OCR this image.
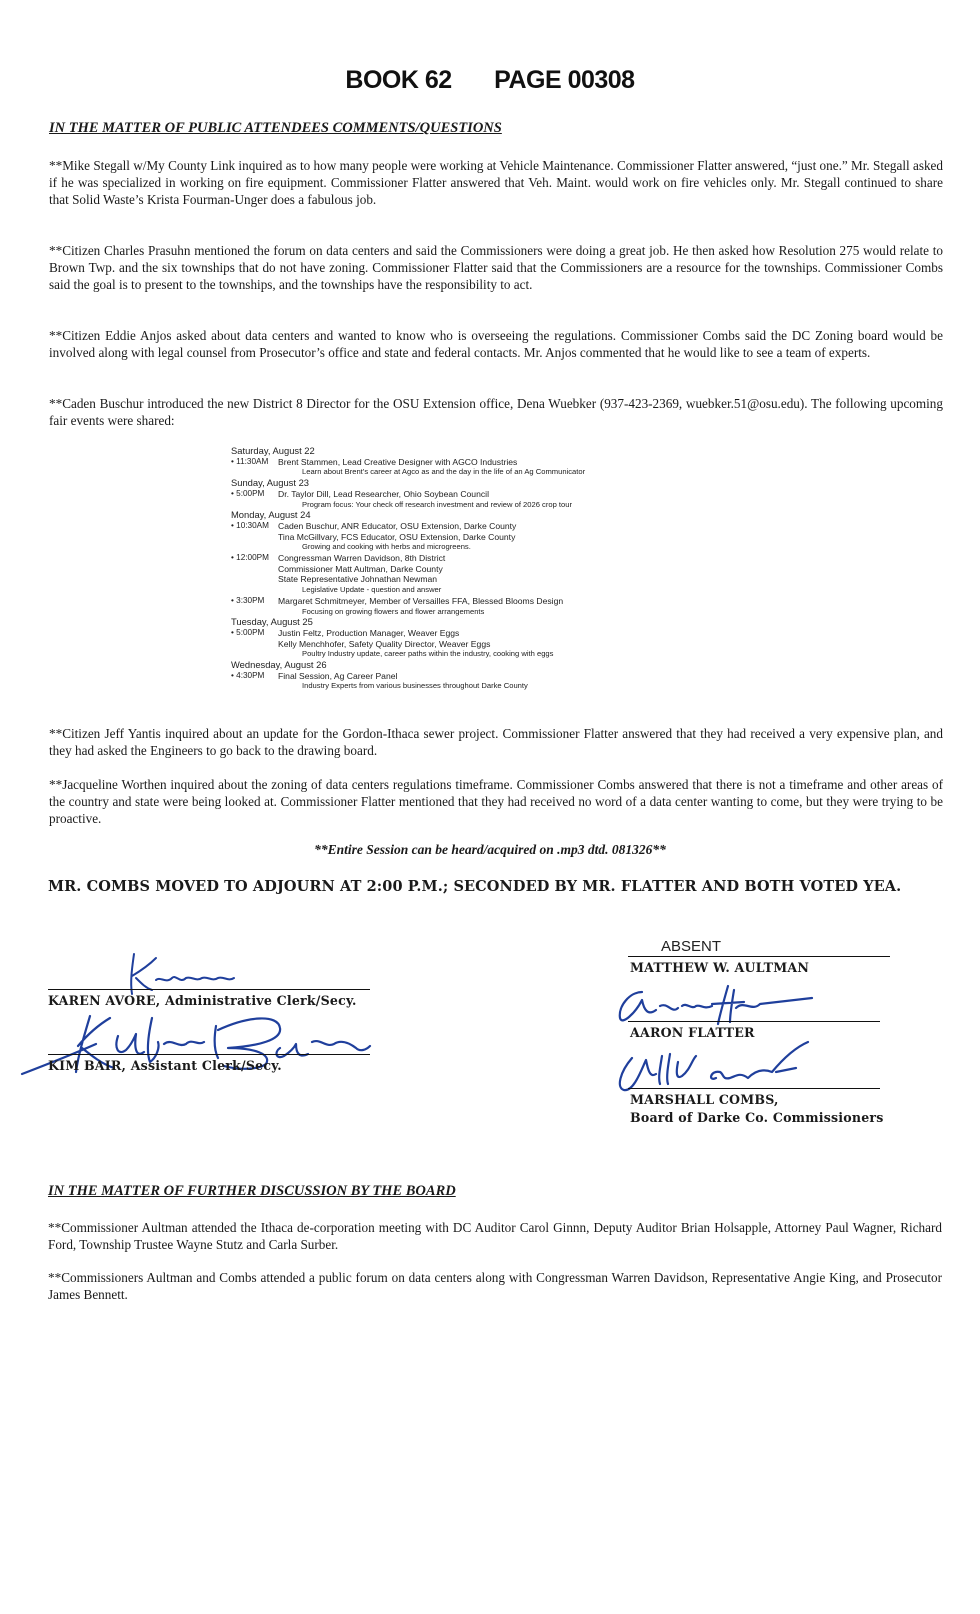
BOOK 62 PAGE 00308
IN THE MATTER OF PUBLIC ATTENDEES COMMENTS/QUESTIONS
**Mike Stegall w/My County Link inquired as to how many people were working at Vehicle Maintenance. Commissioner Flatter answered, “just one.” Mr. Stegall asked if he was specialized in working on fire equipment. Commissioner Flatter answered that Veh. Maint. would work on fire vehicles only. Mr. Stegall continued to share that Solid Waste’s Krista Fourman-Unger does a fabulous job.
**Citizen Charles Prasuhn mentioned the forum on data centers and said the Commissioners were doing a great job. He then asked how Resolution 275 would relate to Brown Twp. and the six townships that do not have zoning. Commissioner Flatter said that the Commissioners are a resource for the townships. Commissioner Combs said the goal is to present to the townships, and the townships have the responsibility to act.
**Citizen Eddie Anjos asked about data centers and wanted to know who is overseeing the regulations. Commissioner Combs said the DC Zoning board would be involved along with legal counsel from Prosecutor’s office and state and federal contacts. Mr. Anjos commented that he would like to see a team of experts.
**Caden Buschur introduced the new District 8 Director for the OSU Extension office, Dena Wuebker (937-423-2369, wuebker.51@osu.edu). The following upcoming fair events were shared:
Saturday, August 22
• 11:30AM	Brent Stammen, Lead Creative Designer with AGCO Industries
Learn about Brent’s career at Agco as and the day in the life of an Ag Communicator
Sunday, August 23
• 5:00PM	Dr. Taylor Dill, Lead Researcher, Ohio Soybean Council
Program focus: Your check off research investment and review of 2026 crop tour
Monday, August 24
• 10:30AM	Caden Buschur, ANR Educator, OSU Extension, Darke County
Tina McGillvary, FCS Educator, OSU Extension, Darke County
Growing and cooking with herbs and microgreens.
• 12:00PM	Congressman Warren Davidson, 8th District
Commissioner Matt Aultman, Darke County
State Representative Johnathan Newman
Legislative Update - question and answer
• 3:30PM	Margaret Schmitmeyer, Member of Versailles FFA, Blessed Blooms Design
Focusing on growing flowers and flower arrangements
Tuesday, August 25
• 5:00PM	Justin Feltz, Production Manager, Weaver Eggs
Kelly Menchhofer, Safety Quality Director, Weaver Eggs
Poultry Industry update, career paths within the industry, cooking with eggs
Wednesday, August 26
• 4:30PM	Final Session, Ag Career Panel
Industry Experts from various businesses throughout Darke County
**Citizen Jeff Yantis inquired about an update for the Gordon-Ithaca sewer project. Commissioner Flatter answered that they had received a very expensive plan, and they had asked the Engineers to go back to the drawing board.
**Jacqueline Worthen inquired about the zoning of data centers regulations timeframe. Commissioner Combs answered that there is not a timeframe and other areas of the country and state were being looked at. Commissioner Flatter mentioned that they had received no word of a data center wanting to come, but they were trying to be proactive.
**Entire Session can be heard/acquired on .mp3 dtd. 081326**
MR. COMBS MOVED TO ADJOURN AT 2:00 P.M.; SECONDED BY MR. FLATTER AND BOTH VOTED YEA.
ABSENT
MATTHEW W. AULTMAN
AARON FLATTER
MARSHALL COMBS,
Board of Darke Co. Commissioners
KAREN AVORE, Administrative Clerk/Secy.
KIM BAIR, Assistant Clerk/Secy.
IN THE MATTER OF FURTHER DISCUSSION BY THE BOARD
**Commissioner Aultman attended the Ithaca de-corporation meeting with DC Auditor Carol Ginnn, Deputy Auditor Brian Holsapple, Attorney Paul Wagner, Richard Ford, Township Trustee Wayne Stutz and Carla Surber.
**Commissioners Aultman and Combs attended a public forum on data centers along with Congressman Warren Davidson, Representative Angie King, and Prosecutor James Bennett.
